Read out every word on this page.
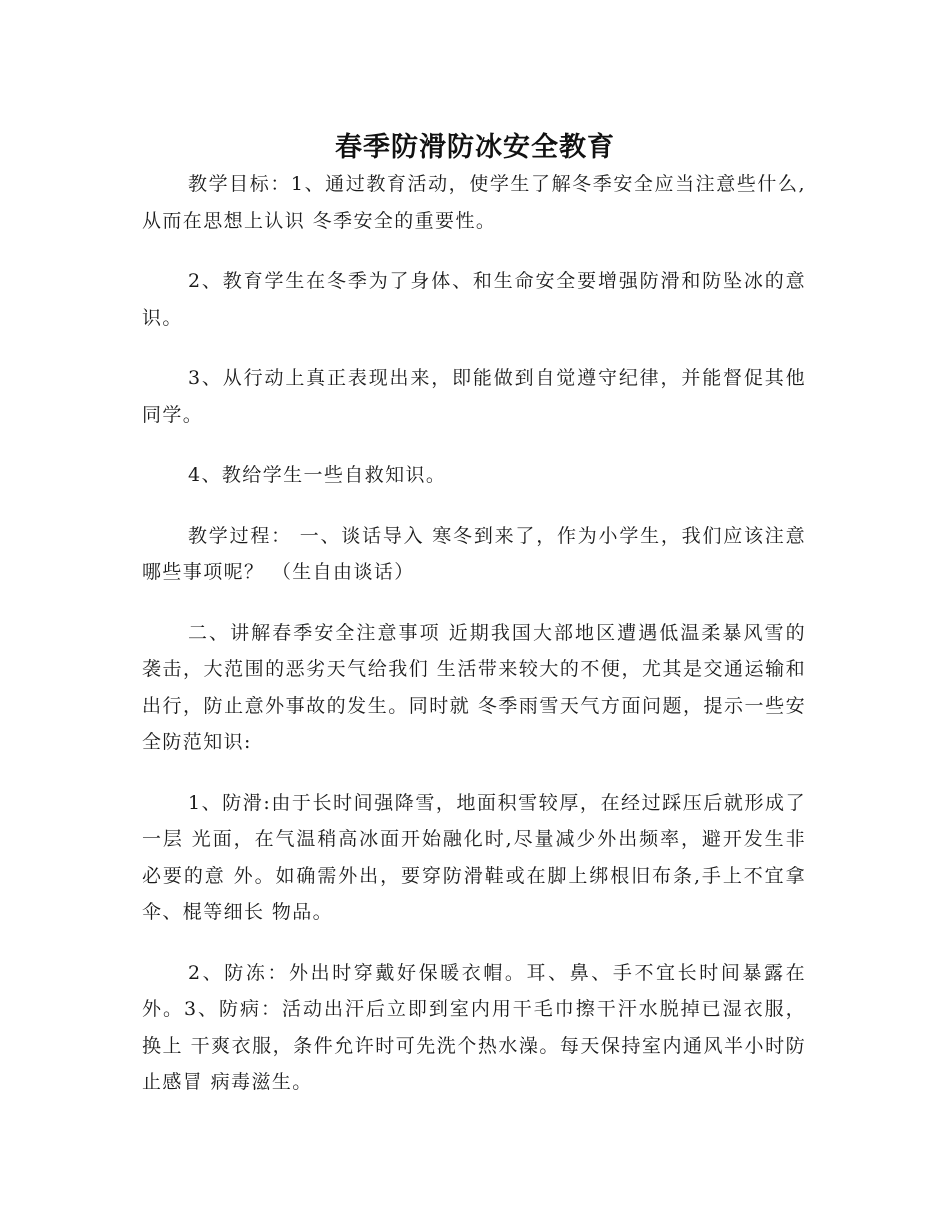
春季防滑防冰安全教育

教学目标：1、通过教育活动，使学生了解冬季安全应当注意些什么,从而在思想上认识 冬季安全的重要性。

2、教育学生在冬季为了身体、和生命安全要增强防滑和防坠冰的意识。

3、从行动上真正表现出来，即能做到自觉遵守纪律，并能督促其他同学。

4、教给学生一些自救知识。

教学过程： 一、谈话导入 寒冬到来了，作为小学生，我们应该注意哪些事项呢？ （生自由谈话）

二、讲解春季安全注意事项 近期我国大部地区遭遇低温柔暴风雪的袭击，大范围的恶劣天气给我们 生活带来较大的不便，尤其是交通运输和出行，防止意外事故的发生。同时就 冬季雨雪天气方面问题，提示一些安全防范知识:

1、防滑:由于长时间强降雪，地面积雪较厚，在经过踩压后就形成了一层 光面，在气温稍高冰面开始融化时,尽量减少外出频率，避开发生非必要的意 外。如确需外出，要穿防滑鞋或在脚上绑根旧布条,手上不宜拿伞、棍等细长 物品。

2、防冻：外出时穿戴好保暖衣帽。耳、鼻、手不宜长时间暴露在外。3、防病：活动出汗后立即到室内用干毛巾擦干汗水脱掉已湿衣服，换上 干爽衣服，条件允许时可先洗个热水澡。每天保持室内通风半小时防止感冒 病毒滋生。
